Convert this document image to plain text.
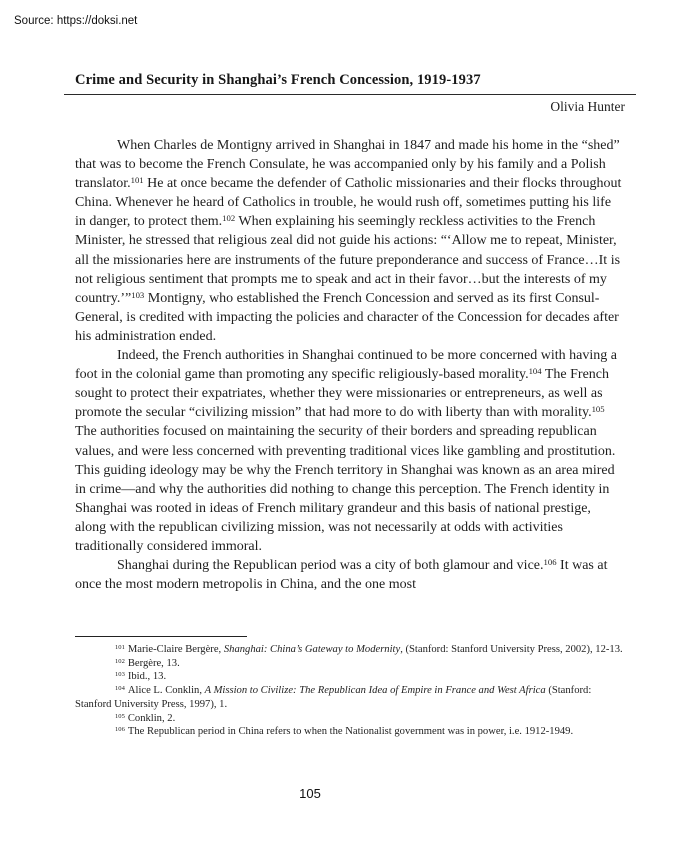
Source: https://doksi.net
Crime and Security in Shanghai’s French Concession, 1919-1937
Olivia Hunter

When Charles de Montigny arrived in Shanghai in 1847 and made his home in the “shed” that was to become the French Consulate, he was accompanied only by his family and a Polish translator.$^{101}$ He at once became the defender of Catholic missionaries and their flocks throughout China. Whenever he heard of Catholics in trouble, he would rush off, sometimes putting his life in danger, to protect them.$^{102}$ When explaining his seemingly reckless activities to the French Minister, he stressed that religious zeal did not guide his actions: “‘Allow me to repeat, Minister, all the missionaries here are instruments of the future preponderance and success of France…It is not religious sentiment that prompts me to speak and act in their favor…but the interests of my country.’”$^{103}$ Montigny, who established the French Concession and served as its first Consul-General, is credited with impacting the policies and character of the Concession for decades after his administration ended.

Indeed, the French authorities in Shanghai continued to be more concerned with having a foot in the colonial game than promoting any specific religiously-based morality.$^{104}$ The French sought to protect their expatriates, whether they were missionaries or entrepreneurs, as well as promote the secular “civilizing mission” that had more to do with liberty than with morality.$^{105}$ The authorities focused on maintaining the security of their borders and spreading republican values, and were less concerned with preventing traditional vices like gambling and prostitution. This guiding ideology may be why the French territory in Shanghai was known as an area mired in crime—and why the authorities did nothing to change this perception. The French identity in Shanghai was rooted in ideas of French military grandeur and this basis of national prestige, along with the republican civilizing mission, was not necessarily at odds with activities traditionally considered immoral.

Shanghai during the Republican period was a city of both glamour and vice.$^{106}$ It was at once the most modern metropolis in China, and the one most

$^{101}$ Marie-Claire Bergère, Shanghai: China’s Gateway to Modernity, (Stanford: Stanford University Press, 2002), 12-13.
$^{102}$ Bergère, 13.
$^{103}$ Ibid., 13.
$^{104}$ Alice L. Conklin, A Mission to Civilize: The Republican Idea of Empire in France and West Africa (Stanford: Stanford University Press, 1997), 1.
$^{105}$ Conklin, 2.
$^{106}$ The Republican period in China refers to when the Nationalist government was in power, i.e. 1912-1949.
105
